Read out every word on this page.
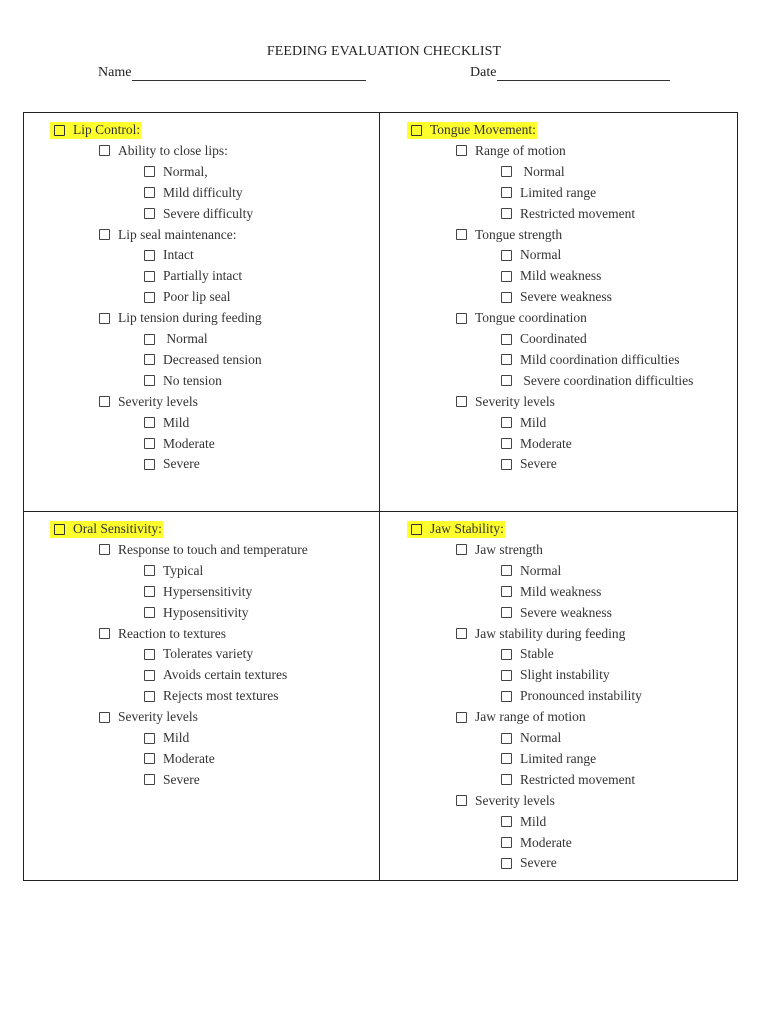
FEEDING EVALUATION CHECKLIST
Name	Date
Lip Control:
Ability to close lips:
Normal,
Mild difficulty
Severe difficulty
Lip seal maintenance:
Intact
Partially intact
Poor lip seal
Lip tension during feeding
Normal
Decreased tension
No tension
Severity levels
Mild
Moderate
Severe
Tongue Movement:
Range of motion
Normal
Limited range
Restricted movement
Tongue strength
Normal
Mild weakness
Severe weakness
Tongue coordination
Coordinated
Mild coordination difficulties
Severe coordination difficulties
Severity levels
Mild
Moderate
Severe
Oral Sensitivity:
Response to touch and temperature
Typical
Hypersensitivity
Hyposensitivity
Reaction to textures
Tolerates variety
Avoids certain textures
Rejects most textures
Severity levels
Mild
Moderate
Severe
Jaw Stability:
Jaw strength
Normal
Mild weakness
Severe weakness
Jaw stability during feeding
Stable
Slight instability
Pronounced instability
Jaw range of motion
Normal
Limited range
Restricted movement
Severity levels
Mild
Moderate
Severe
